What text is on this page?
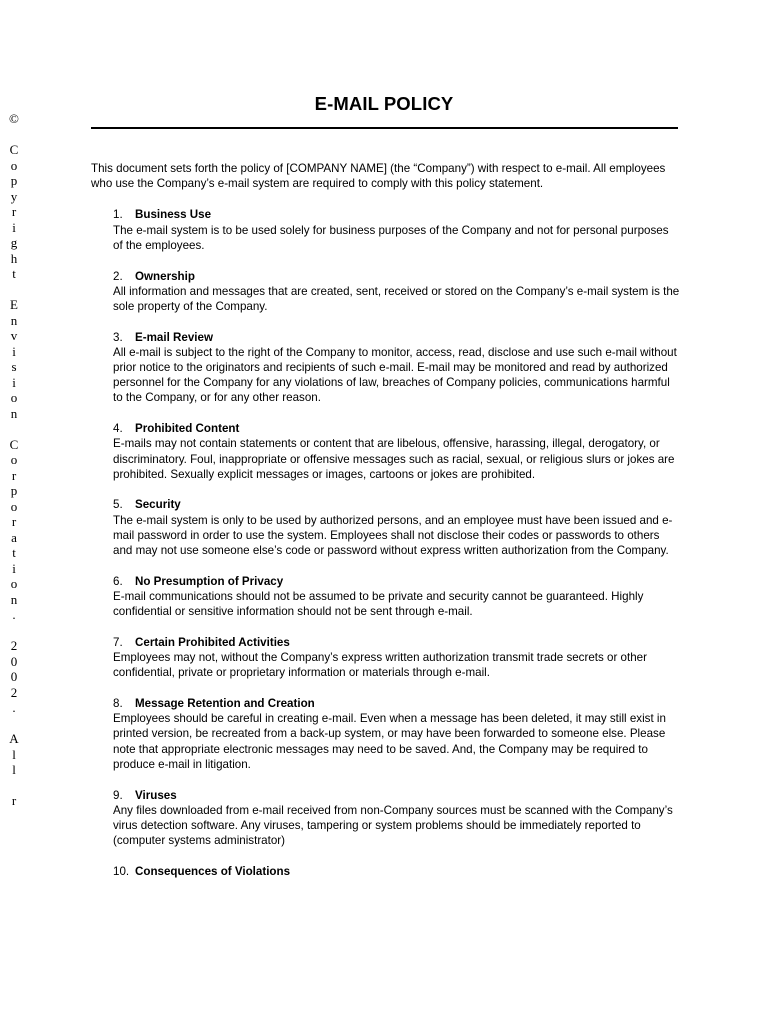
©
C
o
p
y
r
i
g
h
t
E
n
v
i
s
i
o
n
C
o
r
p
o
r
a
t
i
o
n
.
2
0
0
2
.
A
l
l
r
E-MAIL POLICY

This document sets forth the policy of [COMPANY NAME] (the “Company”) with respect to e-mail. All employees who use the Company’s e-mail system are required to comply with this policy statement.

1. Business Use

The e-mail system is to be used solely for business purposes of the Company and not for personal purposes of the employees.

2. Ownership

All information and messages that are created, sent, received or stored on the Company’s e-mail system is the sole property of the Company.

3. E-mail Review

All e-mail is subject to the right of the Company to monitor, access, read, disclose and use such e-mail without prior notice to the originators and recipients of such e-mail. E-mail may be monitored and read by authorized personnel for the Company for any violations of law, breaches of Company policies, communications harmful to the Company, or for any other reason.

4. Prohibited Content

E-mails may not contain statements or content that are libelous, offensive, harassing, illegal, derogatory, or discriminatory. Foul, inappropriate or offensive messages such as racial, sexual, or religious slurs or jokes are prohibited. Sexually explicit messages or images, cartoons or jokes are prohibited.

5. Security

The e-mail system is only to be used by authorized persons, and an employee must have been issued and e-mail password in order to use the system. Employees shall not disclose their codes or passwords to others and may not use someone else’s code or password without express written authorization from the Company.

6. No Presumption of Privacy

E-mail communications should not be assumed to be private and security cannot be guaranteed. Highly confidential or sensitive information should not be sent through e-mail.

7. Certain Prohibited Activities

Employees may not, without the Company’s express written authorization transmit trade secrets or other confidential, private or proprietary information or materials through e-mail.

8. Message Retention and Creation

Employees should be careful in creating e-mail. Even when a message has been deleted, it may still exist in printed version, be recreated from a back-up system, or may have been forwarded to someone else. Please note that appropriate electronic messages may need to be saved. And, the Company may be required to produce e-mail in litigation.

9. Viruses

Any files downloaded from e-mail received from non-Company sources must be scanned with the Company’s virus detection software. Any viruses, tampering or system problems should be immediately reported to (computer systems administrator)

10. Consequences of Violations
